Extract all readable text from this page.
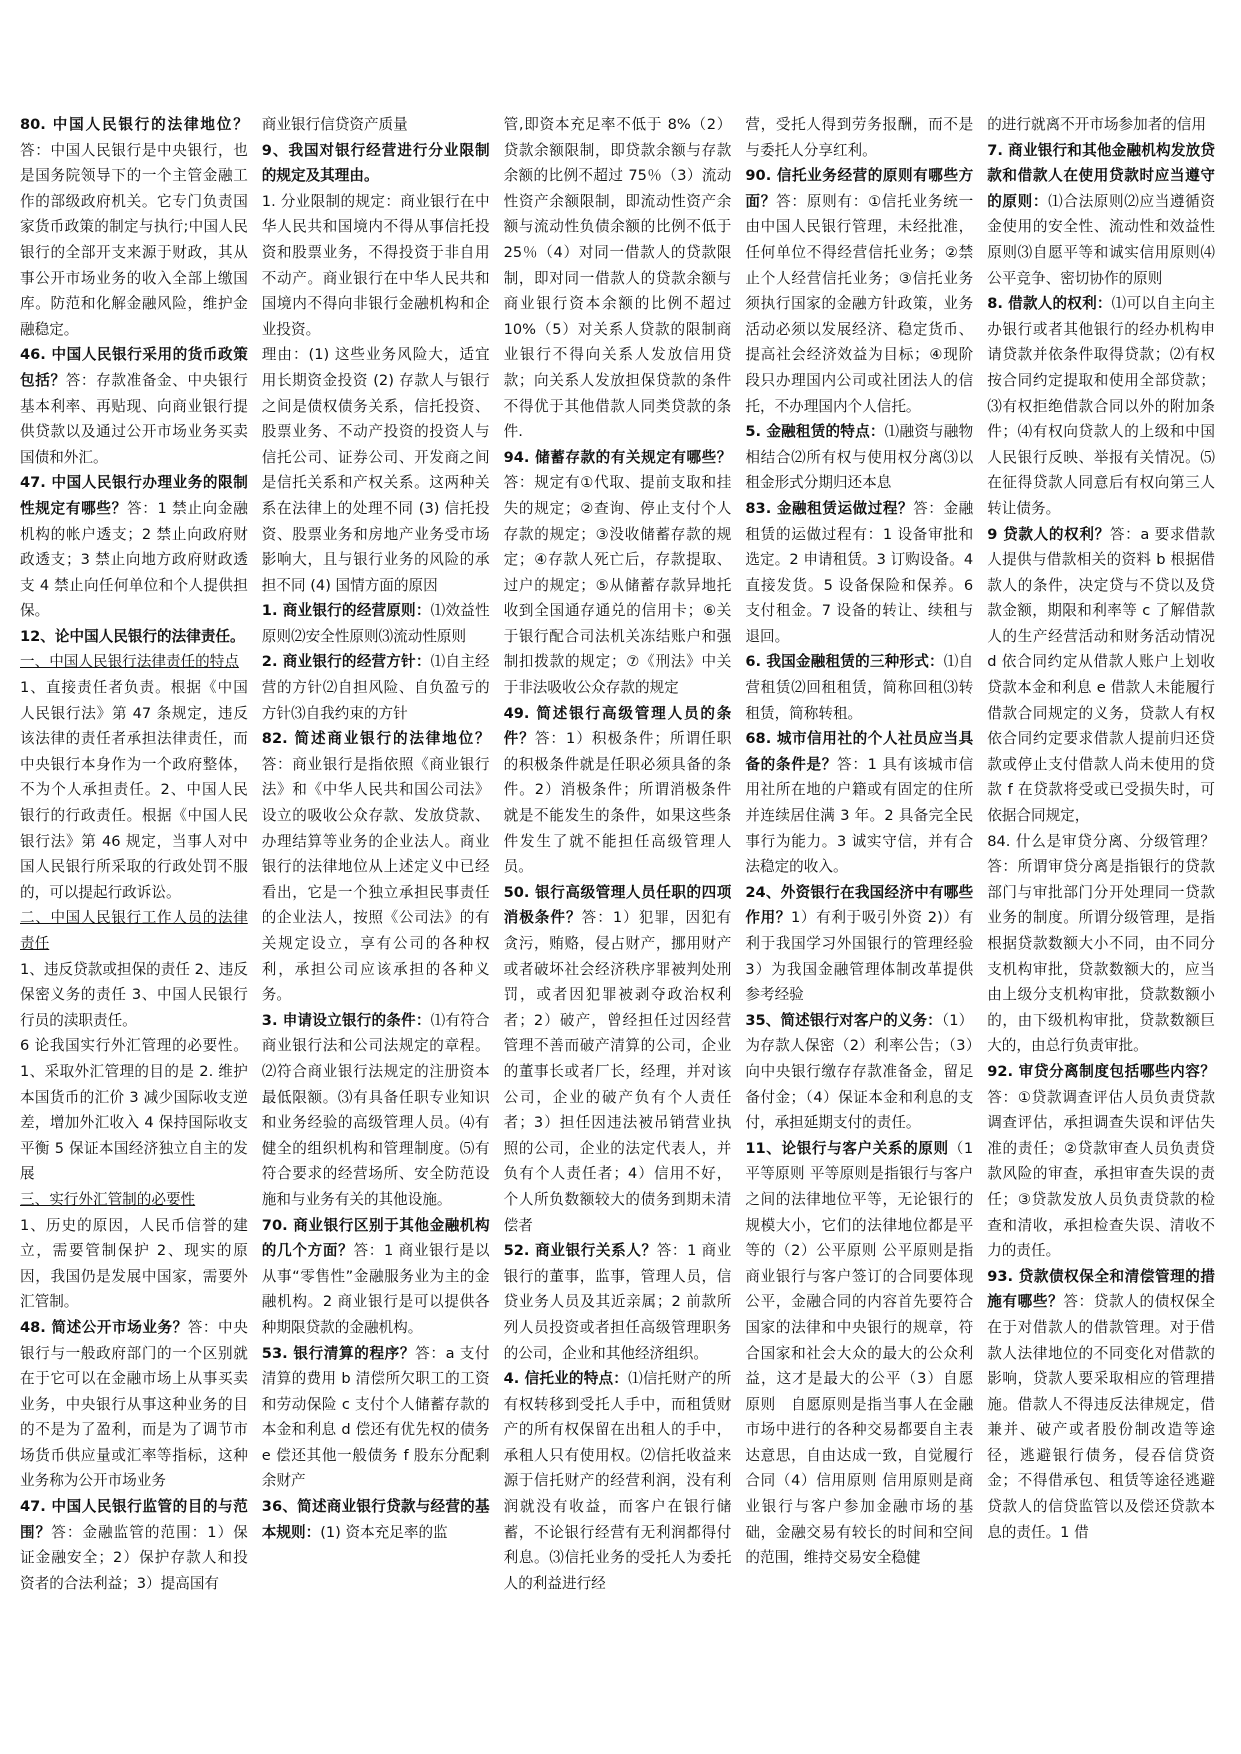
80. 中国人民银行的法律地位？答：中国人民银行是中央银行，也是国务院领导下的一个主管金融工作的部级政府机关。它专门负责国家货币政策的制定与执行;中国人民银行的全部开支来源于财政，其从事公开市场业务的收入全部上缴国库。防范和化解金融风险，维护金融稳定。

46. 中国人民银行采用的货币政策包括？答：存款准备金、中央银行基本利率、再贴现、向商业银行提供贷款以及通过公开市场业务买卖国债和外汇。

47. 中国人民银行办理业务的限制性规定有哪些？答：1 禁止向金融机构的帐户透支；2 禁止向政府财政透支；3 禁止向地方政府财政透支 4 禁止向任何单位和个人提供担保。

12、论中国人民银行的法律责任。

一、中国人民银行法律责任的特点

1、直接责任者负责。根据《中国人民银行法》第 47 条规定，违反该法律的责任者承担法律责任，而中央银行本身作为一个政府整体，不为个人承担责任。2、中国人民银行的行政责任。根据《中国人民银行法》第 46 规定，当事人对中国人民银行所采取的行政处罚不服的，可以提起行政诉讼。

二、中国人民银行工作人员的法律责任

1、违反贷款或担保的责任 2、违反保密义务的责任 3、中国人民银行行员的渎职责任。

6 论我国实行外汇管理的必要性。1、采取外汇管理的目的是 2. 维护本国货币的汇价 3 减少国际收支逆差，增加外汇收入 4 保持国际收支平衡 5 保证本国经济独立自主的发展

三、实行外汇管制的必要性

1、历史的原因，人民币信誉的建立，需要管制保护 2、现实的原因，我国仍是发展中国家，需要外汇管制。

48. 简述公开市场业务？答：中央银行与一般政府部门的一个区别就在于它可以在金融市场上从事买卖业务，中央银行从事这种业务的目的不是为了盈利，而是为了调节市场货币供应量或汇率等指标，这种业务称为公开市场业务

47. 中国人民银行监管的目的与范围？答：金融监管的范围：1）保证金融安全；2）保护存款人和投资者的合法利益；3）提高国有

商业银行信贷资产质量

9、我国对银行经营进行分业限制的规定及其理由。

1. 分业限制的规定：商业银行在中华人民共和国境内不得从事信托投资和股票业务，不得投资于非自用不动产。商业银行在中华人民共和国境内不得向非银行金融机构和企业投资。

理由：(1) 这些业务风险大，适宜用长期资金投资 (2) 存款人与银行之间是债权债务关系，信托投资、股票业务、不动产投资的投资人与信托公司、证券公司、开发商之间是信托关系和产权关系。这两种关系在法律上的处理不同 (3) 信托投资、股票业务和房地产业务受市场影响大，且与银行业务的风险的承担不同 (4) 国情方面的原因

1. 商业银行的经营原则：⑴效益性原则⑵安全性原则⑶流动性原则

2. 商业银行的经营方针：⑴自主经营的方针⑵自担风险、自负盈亏的方针⑶自我约束的方针

82. 简述商业银行的法律地位？答：商业银行是指依照《商业银行法》和《中华人民共和国公司法》设立的吸收公众存款、发放贷款、办理结算等业务的企业法人。商业银行的法律地位从上述定义中已经看出，它是一个独立承担民事责任的企业法人，按照《公司法》的有关规定设立，享有公司的各种权利，承担公司应该承担的各种义务。

3. 申请设立银行的条件：⑴有符合商业银行法和公司法规定的章程。⑵符合商业银行法规定的注册资本最低限额。⑶有具备任职专业知识和业务经验的高级管理人员。⑷有健全的组织机构和管理制度。⑸有符合要求的经营场所、安全防范设施和与业务有关的其他设施。

70. 商业银行区别于其他金融机构的几个方面？答：1 商业银行是以从事“零售性”金融服务业为主的金融机构。2 商业银行是可以提供各种期限贷款的金融机构。

53. 银行清算的程序？答：a 支付清算的费用 b 清偿所欠职工的工资和劳动保险 c 支付个人储蓄存款的本金和利息 d 偿还有优先权的债务 e 偿还其他一般债务 f 股东分配剩余财产

36、简述商业银行贷款与经营的基本规则：(1) 资本充足率的监

管,即资本充足率不低于 8%（2）贷款余额限制，即贷款余额与存款余额的比例不超过 75％（3）流动性资产余额限制，即流动性资产余额与流动性负债余额的比例不低于 25％（4）对同一借款人的贷款限制，即对同一借款人的贷款余额与商业银行资本余额的比例不超过 10%（5）对关系人贷款的限制商业银行不得向关系人发放信用贷款；向关系人发放担保贷款的条件不得优于其他借款人同类贷款的条件.

94. 储蓄存款的有关规定有哪些？答：规定有①代取、提前支取和挂失的规定；②查询、停止支付个人存款的规定；③没收储蓄存款的规定；④存款人死亡后，存款提取、过户的规定；⑤从储蓄存款异地托收到全国通存通兑的信用卡；⑥关于银行配合司法机关冻结账户和强制扣拨款的规定；⑦《刑法》中关于非法吸收公众存款的规定

49. 简述银行高级管理人员的条件？答：1）积极条件；所谓任职的积极条件就是任职必须具备的条件。2）消极条件；所谓消极条件就是不能发生的条件，如果这些条件发生了就不能担任高级管理人员。

50. 银行高级管理人员任职的四项消极条件？答：1）犯罪，因犯有贪污，贿赂，侵占财产，挪用财产或者破坏社会经济秩序罪被判处刑罚，或者因犯罪被剥夺政治权利者；2）破产，曾经担任过因经营管理不善而破产清算的公司，企业的董事长或者厂长，经理，并对该公司，企业的破产负有个人责任者；3）担任因违法被吊销营业执照的公司，企业的法定代表人，并负有个人责任者；4）信用不好，个人所负数额较大的债务到期未清偿者

52. 商业银行关系人？答：1 商业银行的董事，监事，管理人员，信贷业务人员及其近亲属；2 前款所列人员投资或者担任高级管理职务的公司，企业和其他经济组织。

4. 信托业的特点：⑴信托财产的所有权转移到受托人手中，而租赁财产的所有权保留在出租人的手中，承租人只有使用权。⑵信托收益来源于信托财产的经营利润，没有利润就没有收益，而客户在银行储蓄，不论银行经营有无利润都得付利息。⑶信托业务的受托人为委托人的利益进行经

营，受托人得到劳务报酬，而不是与委托人分享红利。

90. 信托业务经营的原则有哪些方面？答：原则有：①信托业务统一由中国人民银行管理，未经批准，任何单位不得经营信托业务；②禁止个人经营信托业务；③信托业务须执行国家的金融方针政策，业务活动必须以发展经济、稳定货币、提高社会经济效益为目标；④现阶段只办理国内公司或社团法人的信托，不办理国内个人信托。

5. 金融租赁的特点：⑴融资与融物相结合⑵所有权与使用权分离⑶以租金形式分期归还本息

83. 金融租赁运做过程？答：金融租赁的运做过程有：1 设备审批和选定。2 申请租赁。3 订购设备。4 直接发货。5 设备保险和保养。6 支付租金。7 设备的转让、续租与退回。

6. 我国金融租赁的三种形式：⑴自营租赁⑵回租租赁，简称回租⑶转租赁，简称转租。

68. 城市信用社的个人社员应当具备的条件是？答：1 具有该城市信用社所在地的户籍或有固定的住所并连续居住满 3 年。2 具备完全民事行为能力。3 诚实守信，并有合法稳定的收入。

24、外资银行在我国经济中有哪些作用？1）有利于吸引外资 2)）有利于我国学习外国银行的管理经验 3）为我国金融管理体制改革提供参考经验

35、简述银行对客户的义务：（1）为存款人保密（2）利率公告；（3）向中央银行缴存存款准备金，留足备付金；（4）保证本金和利息的支付，承担延期支付的责任。

11、论银行与客户关系的原则（1 平等原则 平等原则是指银行与客户之间的法律地位平等，无论银行的规模大小，它们的法律地位都是平等的（2）公平原则 公平原则是指商业银行与客户签订的合同要体现公平，金融合同的内容首先要符合国家的法律和中央银行的规章，符合国家和社会大众的最大的公众利益，这才是最大的公平（3）自愿原则　自愿原则是指当事人在金融市场中进行的各种交易都要自主表达意思，自由达成一致，自觉履行合同（4）信用原则 信用原则是商业银行与客户参加金融市场的基础，金融交易有较长的时间和空间的范围，维持交易安全稳健

的进行就离不开市场参加者的信用

7. 商业银行和其他金融机构发放贷款和借款人在使用贷款时应当遵守的原则：⑴合法原则⑵应当遵循资金使用的安全性、流动性和效益性原则⑶自愿平等和诚实信用原则⑷公平竞争、密切协作的原则

8. 借款人的权利：⑴可以自主向主办银行或者其他银行的经办机构申请贷款并依条件取得贷款；⑵有权按合同约定提取和使用全部贷款；⑶有权拒绝借款合同以外的附加条件；⑷有权向贷款人的上级和中国人民银行反映、举报有关情况。⑸在征得贷款人同意后有权向第三人转让债务。

9 贷款人的权利？答：a 要求借款人提供与借款相关的资料 b 根据借款人的条件，决定贷与不贷以及贷款金额，期限和利率等 c 了解借款人的生产经营活动和财务活动情况 d 依合同约定从借款人账户上划收贷款本金和利息 e 借款人未能履行借款合同规定的义务，贷款人有权依合同约定要求借款人提前归还贷款或停止支付借款人尚未使用的贷款 f 在贷款将受或已受损失时，可依据合同规定，

84. 什么是审贷分离、分级管理？答：所谓审贷分离是指银行的贷款部门与审批部门分开处理同一贷款业务的制度。所谓分级管理，是指根据贷款数额大小不同，由不同分支机构审批，贷款数额大的，应当由上级分支机构审批，贷款数额小的，由下级机构审批，贷款数额巨大的，由总行负责审批。

92. 审贷分离制度包括哪些内容？答：①贷款调查评估人员负责贷款调查评估，承担调查失误和评估失准的责任；②贷款审查人员负责贷款风险的审查，承担审查失误的责任；③贷款发放人员负责贷款的检查和清收，承担检查失误、清收不力的责任。

93. 贷款债权保全和清偿管理的措施有哪些？答：贷款人的债权保全在于对借款人的借款管理。对于借款人法律地位的不同变化对借款的影响，贷款人要采取相应的管理措施。借款人不得违反法律规定，借兼并、破产或者股份制改造等途径，逃避银行债务，侵吞信贷资金；不得借承包、租赁等途径逃避贷款人的信贷监管以及偿还贷款本息的责任。1 借
